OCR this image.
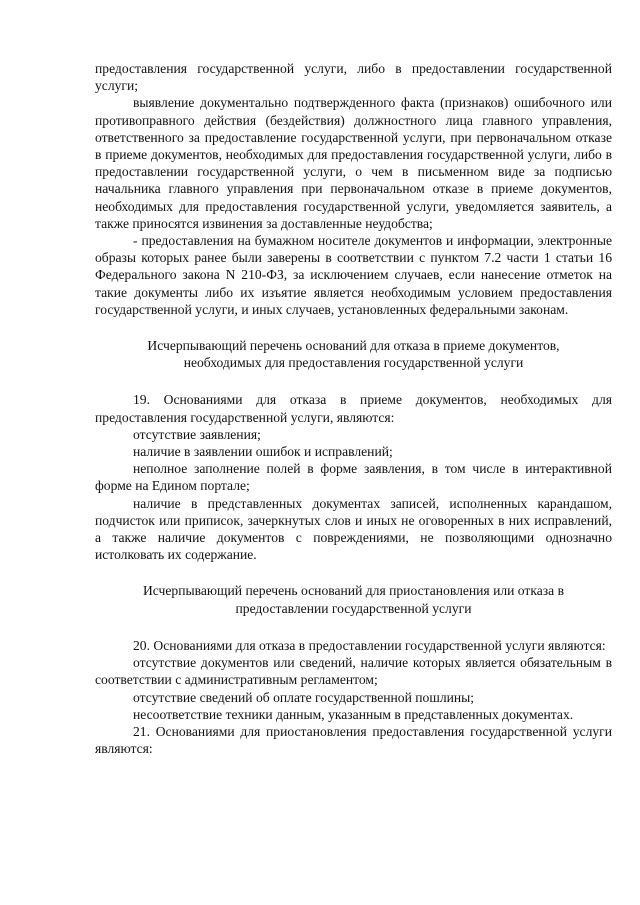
предоставления государственной услуги, либо в предоставлении государственной услуги;

выявление документально подтвержденного факта (признаков) ошибочного или противоправного действия (бездействия) должностного лица главного управления, ответственного за предоставление государственной услуги, при первоначальном отказе в приеме документов, необходимых для предоставления государственной услуги, либо в предоставлении государственной услуги, о чем в письменном виде за подписью начальника главного управления при первоначальном отказе в приеме документов, необходимых для предоставления государственной услуги, уведомляется заявитель, а также приносятся извинения за доставленные неудобства;

- предоставления на бумажном носителе документов и информации, электронные образы которых ранее были заверены в соответствии с пунктом 7.2 части 1 статьи 16 Федерального закона N 210-ФЗ, за исключением случаев, если нанесение отметок на такие документы либо их изъятие является необходимым условием предоставления государственной услуги, и иных случаев, установленных федеральными законам.

Исчерпывающий перечень оснований для отказа в приеме документов,
необходимых для предоставления государственной услуги

19. Основаниями для отказа в приеме документов, необходимых для предоставления государственной услуги, являются:

отсутствие заявления;

наличие в заявлении ошибок и исправлений;

неполное заполнение полей в форме заявления, в том числе в интерактивной форме на Едином портале;

наличие в представленных документах записей, исполненных карандашом, подчисток или приписок, зачеркнутых слов и иных не оговоренных в них исправлений, а также наличие документов с повреждениями, не позволяющими однозначно истолковать их содержание.

Исчерпывающий перечень оснований для приостановления или отказа в
предоставлении государственной услуги

20. Основаниями для отказа в предоставлении государственной услуги являются:

отсутствие документов или сведений, наличие которых является обязательным в соответствии с административным регламентом;

отсутствие сведений об оплате государственной пошлины;

несоответствие техники данным, указанным в представленных документах.

21. Основаниями для приостановления предоставления государственной услуги являются:
